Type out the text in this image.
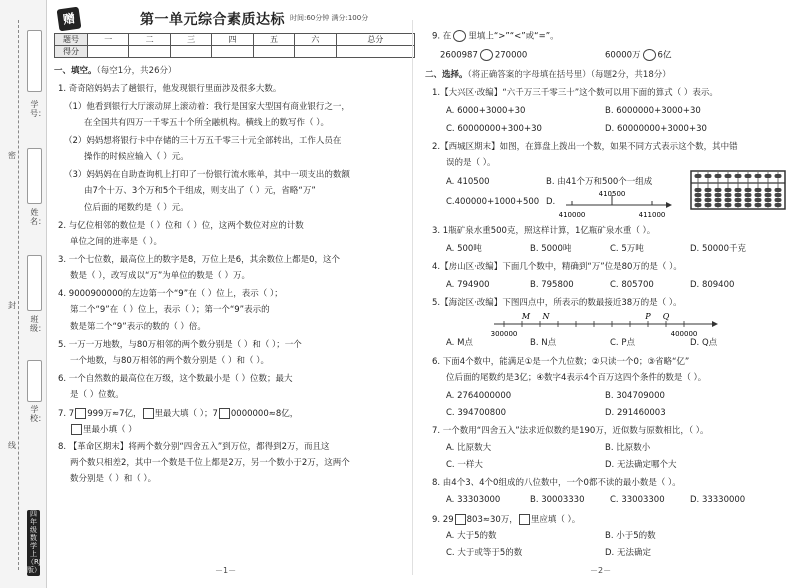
密
封
线
学号：
姓名：
班级：
学校：
四年级 数学 上（RJ版）
赠	第一单元综合素质达标 时间:60分钟 满分:100分
题号	一	二	三	四	五	六	总分
得分							
一、填空。（每空1分，共26分）
1. 奇奇陪妈妈去了趟银行，他发现银行里面涉及很多大数。
（1）他看到银行大厅滚动屏上滚动着：我行是国家大型国有商业银行之一，
在全国共有四万一千零五十个所全融机构。横线上的数写作（ ）。
（2）妈妈想将银行卡中存储的三十万五千零三十元全部转出，工作人员在
操作的时候应输入（ ）元。
（3）妈妈妈在自助查询机上打印了一份银行流水账单，其中一项支出的数额
由7个十万、3个万和5个千组成，则支出了（ ）元，省略“万”
位后面的尾数约是（ ）元。
2. 与亿位相邻的数位是（ ）位和（ ）位，这两个数位对应的计数
单位之间的进率是（ ）。
3. 一个七位数，最高位上的数字是8，万位上是6，其余数位上都是0，这个
数是（ ），改写成以“万”为单位的数是（ ）万。
4. 9000900000的左边第一个“9”在（ ）位上，表示（ ）；
第二个“9”在（ ）位上，表示（ ）；第一个“9”表示的
数是第二个“9”表示的数的（ ）倍。
5. 一万一万地数，与80万相邻的两个数分别是（ ）和（ ）；一个
一个地数，与80万相邻的两个数分别是（ ）和（ ）。
6. 一个自然数的最高位在万级，这个数最小是（ ）位数；最大
是（ ）位数。
7. 7 999万≈7亿， 里最大填（ ）；7 0000000≈8亿，
里最小填（ ）
8. 【革命区期末】将两个数分别“四舍五入”到万位，都得到2万，而且这
两个数只相差2，其中一个数是千位上都是2万，另一个数小于2万，这两个
数分别是（ ）和（ ）。
－1－
9. 在 里填上“>”“<”或“=”。
2600987 270000	60000万 6亿
二、选择。（将正确答案的字母填在括号里）（每题2分，共18分）
1.【大兴区·改编】“六千万三千零三十”这个数可以用下面的算式（ ）表示。
A. 6000+3000+30	B. 6000000+3000+30
C. 60000000+300+30	D. 60000000+3000+30
2.【西城区期末】如图，在算盘上拨出一个数，如果不同方式表示这个数，其中错
误的是（ ）。
A. 410500	B. 由41个万和500个一组成
C.400000+1000+500 D.
410500
410000	411000
3. 1瓶矿泉水重500克，照这样计算，1亿瓶矿泉水重（ ）。
A. 500吨	B. 5000吨	C. 5万吨	D. 50000千克
4.【房山区·改编】下面几个数中，精确到“万”位是80万的是（ ）。
A. 794900	B. 795800	C. 805700	D. 809400
5.【海淀区·改编】下图四点中，所表示的数最接近38万的是（ ）。
300000	400000
M N	P Q
A. M点	B. N点	C. P点	D. Q点
6. 下面4个数中，能满足①是一个九位数；②只读一个0；③省略“亿”
位后面的尾数约是3亿；④数字4表示4个百万这四个条件的数是（ ）。
A. 2764000000	B. 304709000
C. 394700800	D. 291460003
7. 一个数用“四舍五入”法求近似数约是190万，近似数与原数相比，（ ）。
A. 比原数大	B. 比原数小
C. 一样大	D. 无法确定哪个大
8. 由4个3、4个0组成的八位数中，一个0都不读的最小数是（ ）。
A. 33303000	B. 30003330	C. 33003300	D. 33330000
9. 29 803≈30万， 里应填（ ）。
A. 大于5的数	B. 小于5的数
C. 大于或等于5的数	D. 无法确定
－2－
